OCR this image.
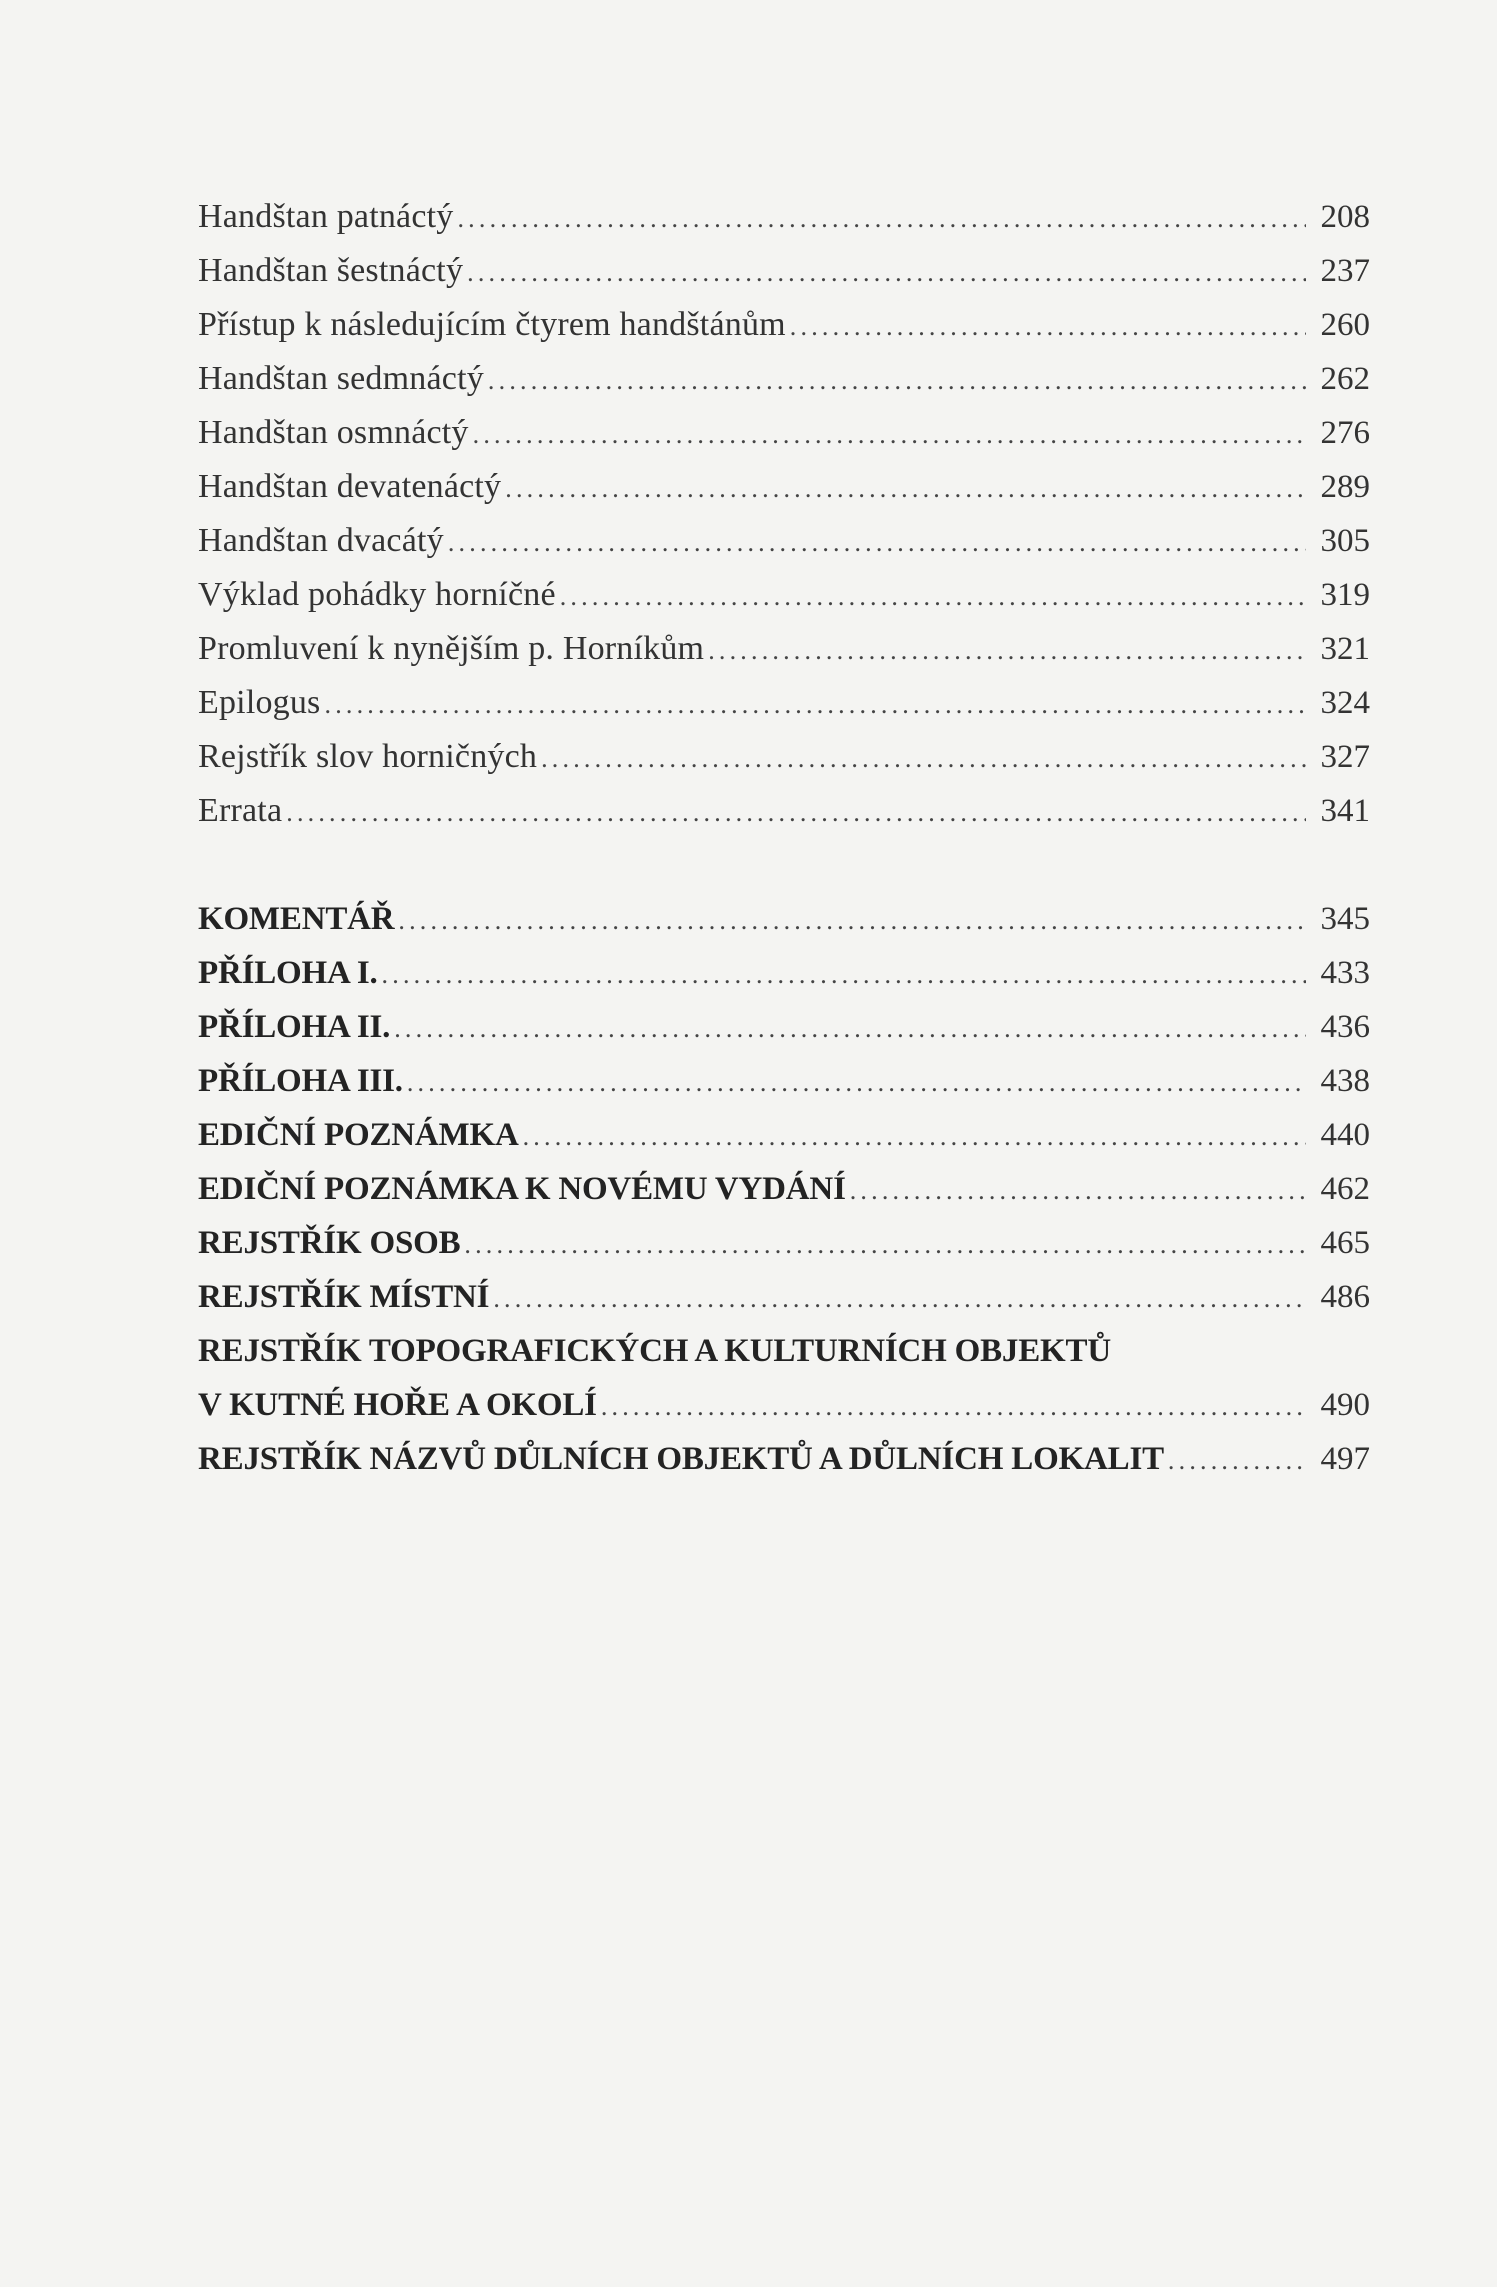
Handštan patnáctý .....	208
Handštan šestnáctý .....	237
Přístup k následujícím čtyrem handštánům .....	260
Handštan sedmnáctý .....	262
Handštan osmnáctý .....	276
Handštan devatenáctý .....	289
Handštan dvacátý .....	305
Výklad pohádky horníčné .....	319
Promluvení k nynějším p. Horníkům .....	321
Epilogus .....	324
Rejstřík slov horničných .....	327
Errata .....	341
KOMENTÁŘ .....	345
PŘÍLOHA I. .....	433
PŘÍLOHA II. .....	436
PŘÍLOHA III. .....	438
EDIČNÍ POZNÁMKA .....	440
EDIČNÍ POZNÁMKA K NOVÉMU VYDÁNÍ .....	462
REJSTŘÍK OSOB .....	465
REJSTŘÍK MÍSTNÍ .....	486
REJSTŘÍK TOPOGRAFICKÝCH A KULTURNÍCH OBJEKTŮ
V KUTNÉ HOŘE A OKOLÍ .....	490
REJSTŘÍK NÁZVŮ DŮLNÍCH OBJEKTŮ A DŮLNÍCH LOKALIT .....	497
